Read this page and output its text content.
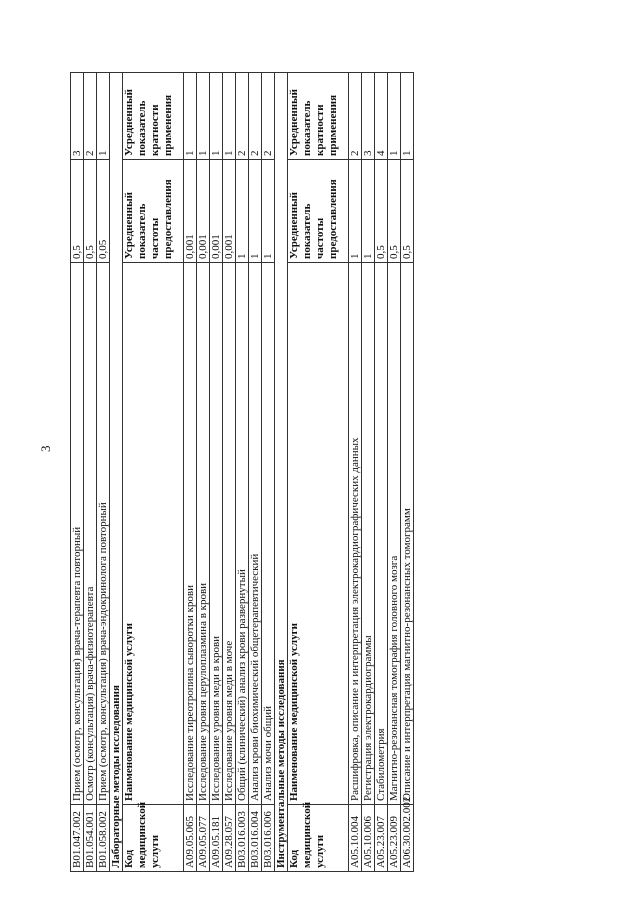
3
B01.047.002	Прием (осмотр, консультация) врача-терапевта повторный	0,5	3
B01.054.001	Осмотр (консультация) врача-физиотерапевта	0,5	2
B01.058.002	Прием (осмотр, консультация) врача-эндокринолога повторный	0,05	1
Лабораторные методы исследования			
Код медицинской услуги	Наименование медицинской услуги	Усредненный показатель частоты предоставления	Усредненный показатель кратности применения
A09.05.065	Исследование тиреотропина сыворотки крови	0,001	1
A09.05.077	Исследование уровня церулоплазмина в крови	0,001	1
A09.05.181	Исследование уровня меди в крови	0,001	1
A09.28.057	Исследование уровня меди в моче	0,001	1
B03.016.003	Общий (клинический) анализ крови развернутый	1	2
B03.016.004	Анализ крови биохимический общетерапевтический	1	2
B03.016.006	Анализ мочи общий	1	2
Инструментальные методы исследования			
Код медицинской услуги	Наименование медицинской услуги	Усредненный показатель частоты предоставления	Усредненный показатель кратности применения
A05.10.004	Расшифровка, описание и интерпретация электрокардиографических данных	1	2
A05.10.006	Регистрация электрокардиограммы	1	3
A05.23.007	Стабилометрия	0,5	4
A05.23.009	Магнитно-резонансная томография головного мозга	0,5	1
A06.30.002.002	Описание и интерпретация магнитно-резонансных томограмм	0,5	1
